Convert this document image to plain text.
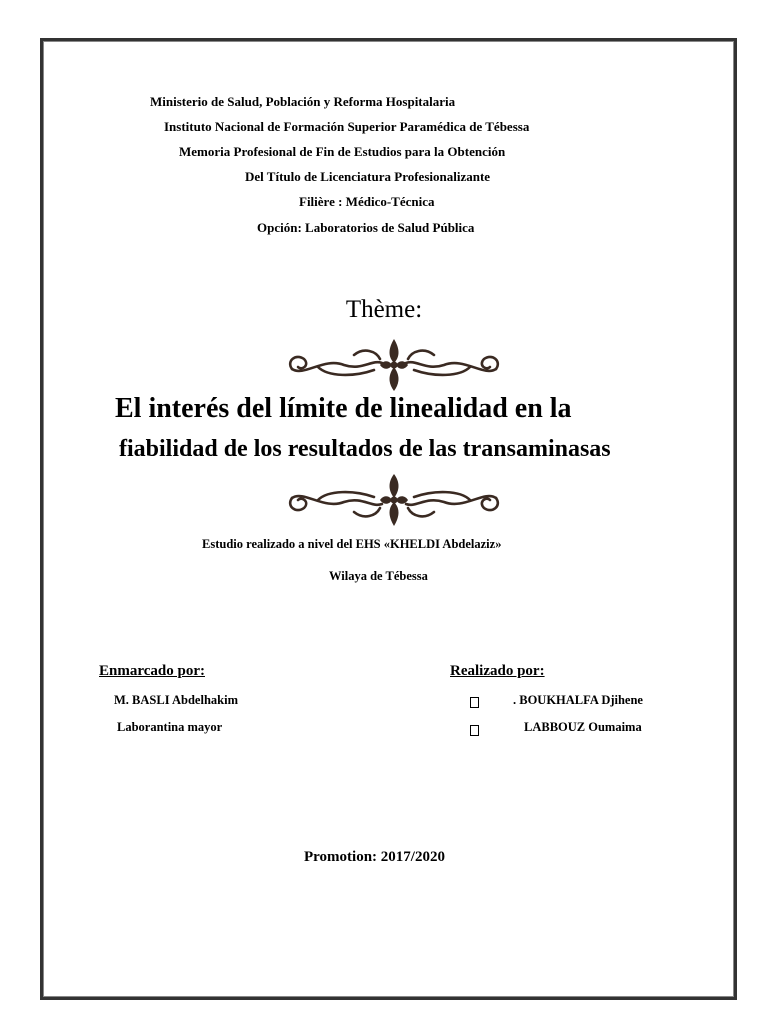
Ministerio de Salud, Población y Reforma Hospitalaria
Instituto Nacional de Formación Superior Paramédica de Tébessa
Memoria Profesional de Fin de Estudios para la Obtención
Del Título de Licenciatura Profesionalizante
Filière : Médico-Técnica
Opción: Laboratorios de Salud Pública
Thème:
El interés del límite de linealidad en la
fiabilidad de los resultados de las transaminasas
Estudio realizado a nivel del EHS «KHELDI Abdelaziz»
Wilaya de Tébessa
Enmarcado por:
M. BASLI Abdelhakim
Laborantina mayor
Realizado por:
. BOUKHALFA Djihene
LABBOUZ Oumaima
Promotion: 2017/2020
